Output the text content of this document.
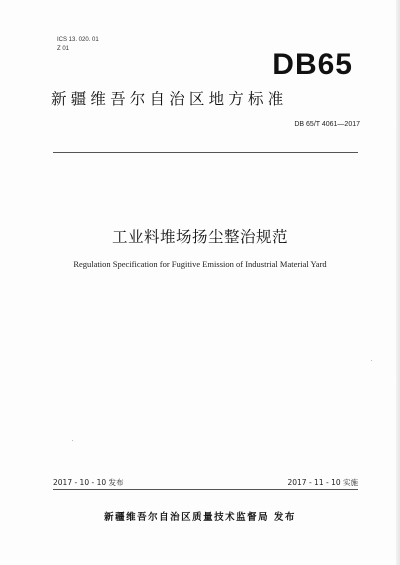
ICS 13. 020. 01
Z 01	DB65
新疆维吾尔自治区地方标准
DB 65/T 4061—2017
工业料堆场扬尘整治规范
Regulation Specification for Fugitive Emission of Industrial Material Yard
2017 - 10 - 10 发布	2017 - 11 - 10 实施
新疆维吾尔自治区质量技术监督局 发布
